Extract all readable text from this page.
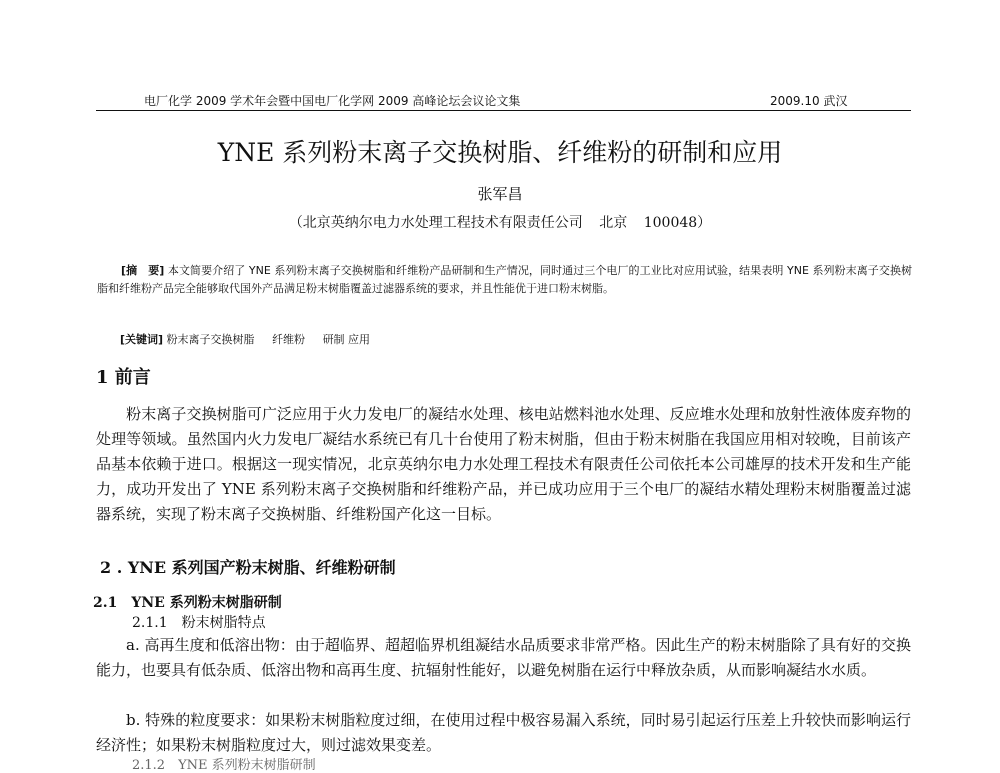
电厂化学 2009 学术年会暨中国电厂化学网 2009 高峰论坛会议论文集	2009.10 武汉
YNE 系列粉末离子交换树脂、纤维粉的研制和应用
张军昌
（北京英纳尔电力水处理工程技术有限责任公司 北京 100048）
[摘　要] 本文简要介绍了 YNE 系列粉末离子交换树脂和纤维粉产品研制和生产情况，同时通过三个电厂的工业比对应用试验，结果表明 YNE 系列粉末离子交换树脂和纤维粉产品完全能够取代国外产品满足粉末树脂覆盖过滤器系统的要求，并且性能优于进口粉末树脂。
[关键词] 粉末离子交换树脂 纤维粉 研制 应用
1 前言
粉末离子交换树脂可广泛应用于火力发电厂的凝结水处理、核电站燃料池水处理、反应堆水处理和放射性液体废弃物的处理等领域。虽然国内火力发电厂凝结水系统已有几十台使用了粉末树脂，但由于粉末树脂在我国应用相对较晚，目前该产品基本依赖于进口。根据这一现实情况，北京英纳尔电力水处理工程技术有限责任公司依托本公司雄厚的技术开发和生产能力，成功开发出了 YNE 系列粉末离子交换树脂和纤维粉产品，并已成功应用于三个电厂的凝结水精处理粉末树脂覆盖过滤器系统，实现了粉末离子交换树脂、纤维粉国产化这一目标。
2 . YNE 系列国产粉末树脂、纤维粉研制
2.1　YNE 系列粉末树脂研制
2.1.1　粉末树脂特点
a. 高再生度和低溶出物：由于超临界、超超临界机组凝结水品质要求非常严格。因此生产的粉末树脂除了具有好的交换能力，也要具有低杂质、低溶出物和高再生度、抗辐射性能好，以避免树脂在运行中释放杂质，从而影响凝结水水质。
b. 特殊的粒度要求：如果粉末树脂粒度过细，在使用过程中极容易漏入系统，同时易引起运行压差上升较快而影响运行经济性；如果粉末树脂粒度过大，则过滤效果变差。
2.1.2　YNE 系列粉末树脂研制
